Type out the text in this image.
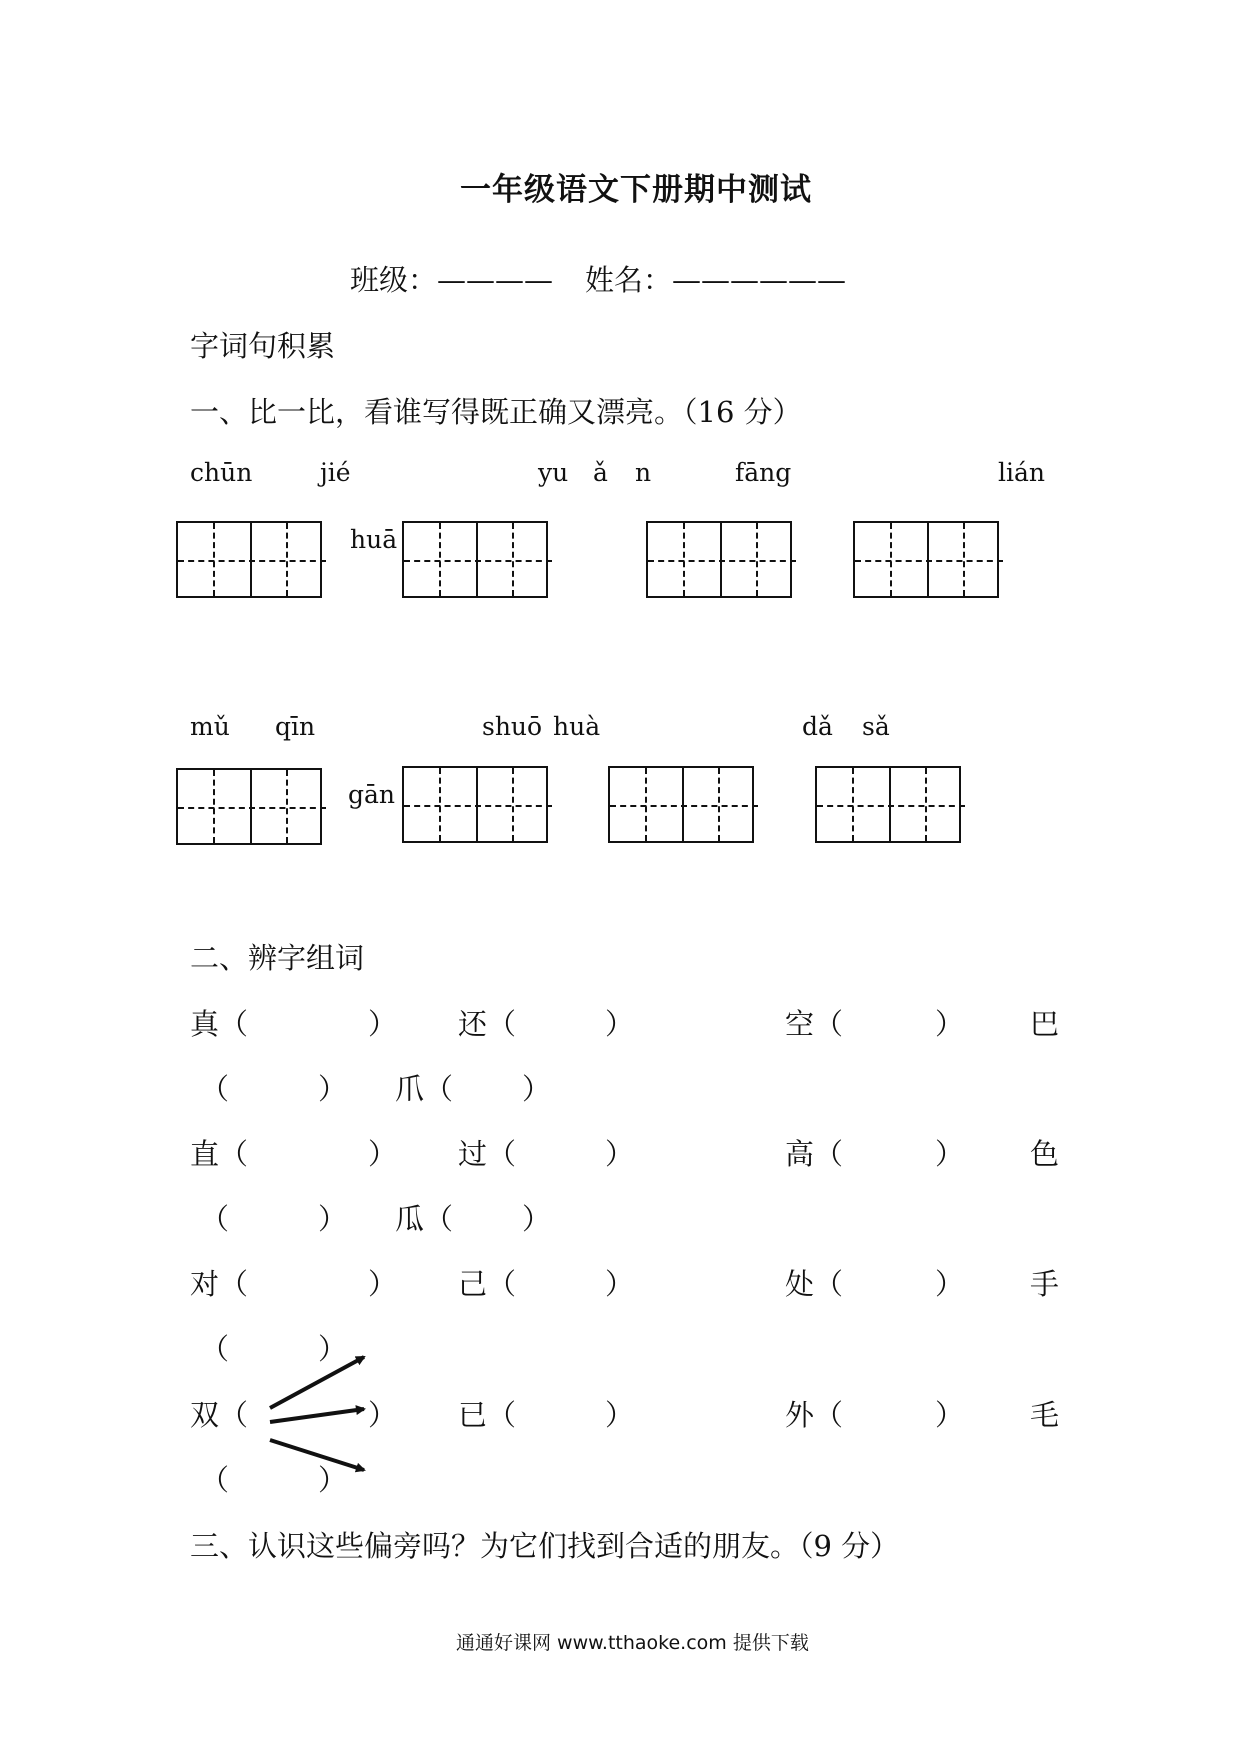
一年级语文下册期中测试
班级：———— 姓名：——————
字词句积累
一、比一比，看谁写得既正确又漂亮。（16 分）
chūn	jié
huā
yu ǎ n	fāng	lián
mǔ qīn
gān
shuō huà	dǎ sǎ
二、辨字组词
真（	） 还（	）	空（	） 巴
（	） 爪（ ）
直（	） 过（	）	高（	） 色
（	） 瓜（ ）
对（	） 己（	）	处（	） 手
（	）
双（	） 已（	）	外（	） 毛
（	）
三、认识这些偏旁吗？为它们找到合适的朋友。（9 分）
通通好课网 www.tthaoke.com 提供下载
